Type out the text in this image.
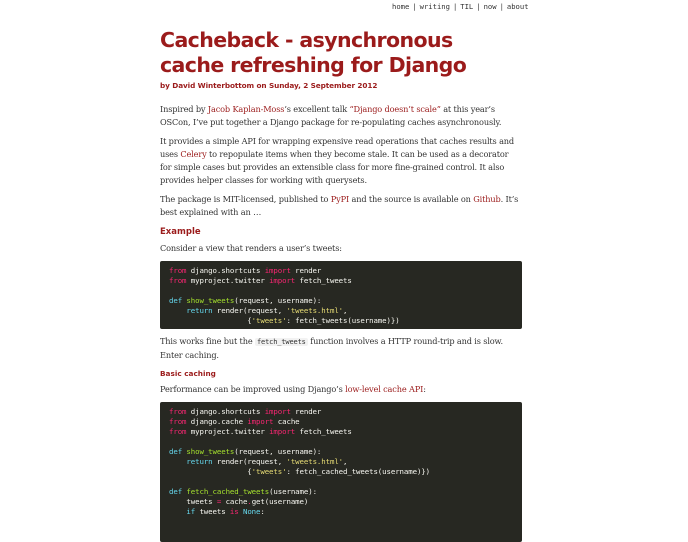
home | writing | TIL | now | about
Cacheback - asynchronous cache refreshing for Django
by David Winterbottom on Sunday, 2 September 2012

Inspired by Jacob Kaplan-Moss’s excellent talk “Django doesn’t scale” at this year’s OSCon, I’ve put together a Django package for re-populating caches asynchronously.

It provides a simple API for wrapping expensive read operations that caches results and uses Celery to repopulate items when they become stale. It can be used as a decorator for simple cases but provides an extensible class for more fine-grained control. It also provides helper classes for working with querysets.

The package is MIT-licensed, published to PyPI and the source is available on Github. It’s best explained with an …

Example

Consider a view that renders a user’s tweets:

from django.shortcuts import render
from myproject.twitter import fetch_tweets

def show_tweets(request, username):
return render(request, 'tweets.html',
{'tweets': fetch_tweets(username)})

This works fine but the fetch_tweets function involves a HTTP round-trip and is slow. Enter caching.

Basic caching

Performance can be improved using Django’s low-level cache API:

from django.shortcuts import render
from django.cache import cache
from myproject.twitter import fetch_tweets

def show_tweets(request, username):
return render(request, 'tweets.html',
{'tweets': fetch_cached_tweets(username)})

def fetch_cached_tweets(username):
tweets = cache.get(username)
if tweets is None:
